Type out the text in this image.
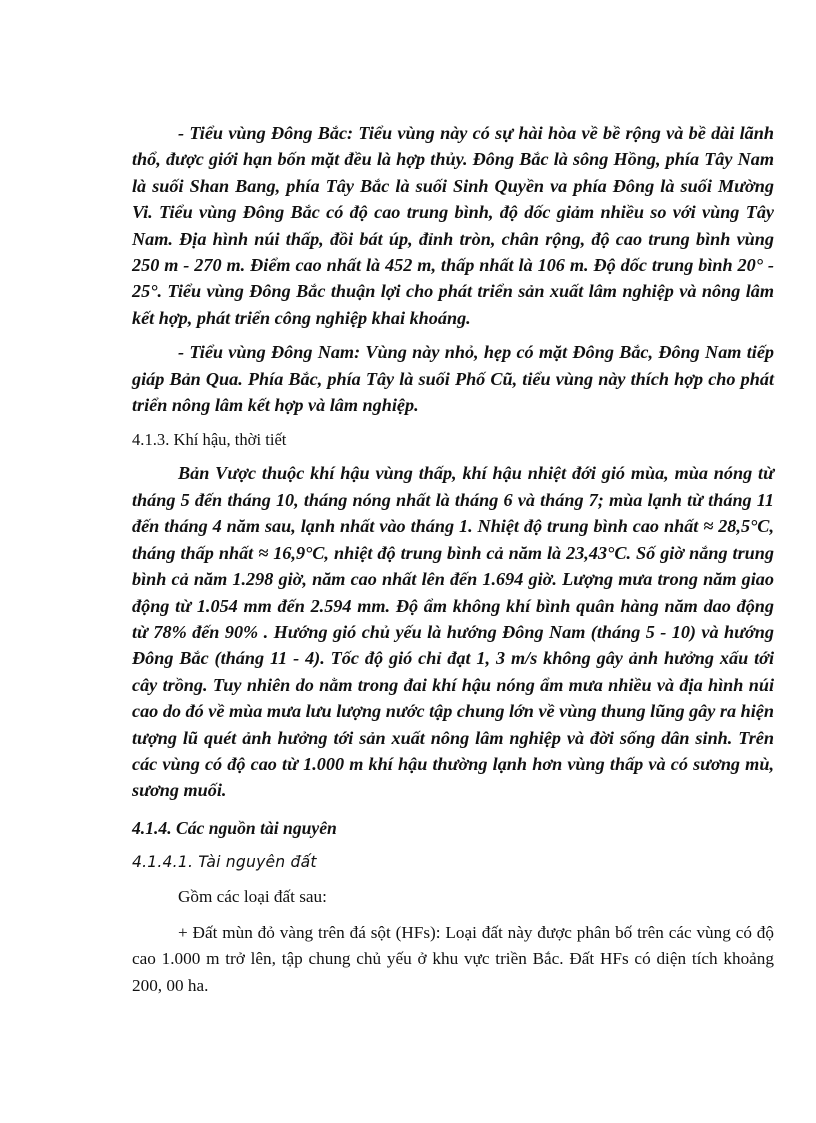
- Tiểu vùng Đông Bắc: Tiểu vùng này có sự hài hòa về bề rộng và bề dài lãnh thổ, được giới hạn bốn mặt đều là hợp thủy. Đông Bắc là sông Hồng, phía Tây Nam là suối Shan Bang, phía Tây Bắc là suối Sinh Quyền va phía Đông là suối Mường Vi. Tiểu vùng Đông Bắc có độ cao trung bình, độ dốc giảm nhiều so với vùng Tây Nam. Địa hình núi thấp, đồi bát úp, đỉnh tròn, chân rộng, độ cao trung bình vùng 250 m - 270 m. Điểm cao nhất là 452 m, thấp nhất là 106 m. Độ dốc trung bình 20° - 25°. Tiểu vùng Đông Bắc thuận lợi cho phát triển sản xuất lâm nghiệp và nông lâm kết hợp, phát triển công nghiệp khai khoáng.

- Tiểu vùng Đông Nam: Vùng này nhỏ, hẹp có mặt Đông Bắc, Đông Nam tiếp giáp Bản Qua. Phía Bắc, phía Tây là suối Phố Cũ, tiểu vùng này thích hợp cho phát triển nông lâm kết hợp và lâm nghiệp.

4.1.3. Khí hậu, thời tiết

Bản Vược thuộc khí hậu vùng thấp, khí hậu nhiệt đới gió mùa, mùa nóng từ tháng 5 đến tháng 10, tháng nóng nhất là tháng 6 và tháng 7; mùa lạnh từ tháng 11 đến tháng 4 năm sau, lạnh nhất vào tháng 1. Nhiệt độ trung bình cao nhất ≈ 28,5°C, tháng thấp nhất ≈ 16,9°C, nhiệt độ trung bình cả năm là 23,43°C. Số giờ nắng trung bình cả năm 1.298 giờ, năm cao nhất lên đến 1.694 giờ. Lượng mưa trong năm giao động từ 1.054 mm đến 2.594 mm. Độ ẩm không khí bình quân hàng năm dao động từ 78% đến 90% . Hướng gió chủ yếu là hướng Đông Nam (tháng 5 - 10) và hướng Đông Bắc (tháng 11 - 4). Tốc độ gió chỉ đạt 1, 3 m/s không gây ảnh hưởng xấu tới cây trồng. Tuy nhiên do nằm trong đai khí hậu nóng ẩm mưa nhiều và địa hình núi cao do đó về mùa mưa lưu lượng nước tập chung lớn về vùng thung lũng gây ra hiện tượng lũ quét ảnh hưởng tới sản xuất nông lâm nghiệp và đời sống dân sinh. Trên các vùng có độ cao từ 1.000 m khí hậu thường lạnh hơn vùng thấp và có sương mù, sương muối.

4.1.4. Các nguồn tài nguyên

4.1.4.1. Tài nguyên đất

Gồm các loại đất sau:

+ Đất mùn đỏ vàng trên đá sột (HFs): Loại đất này được phân bố trên các vùng có độ cao 1.000 m trở lên, tập chung chủ yếu ở khu vực triền Bắc. Đất HFs có diện tích khoảng 200, 00 ha.
